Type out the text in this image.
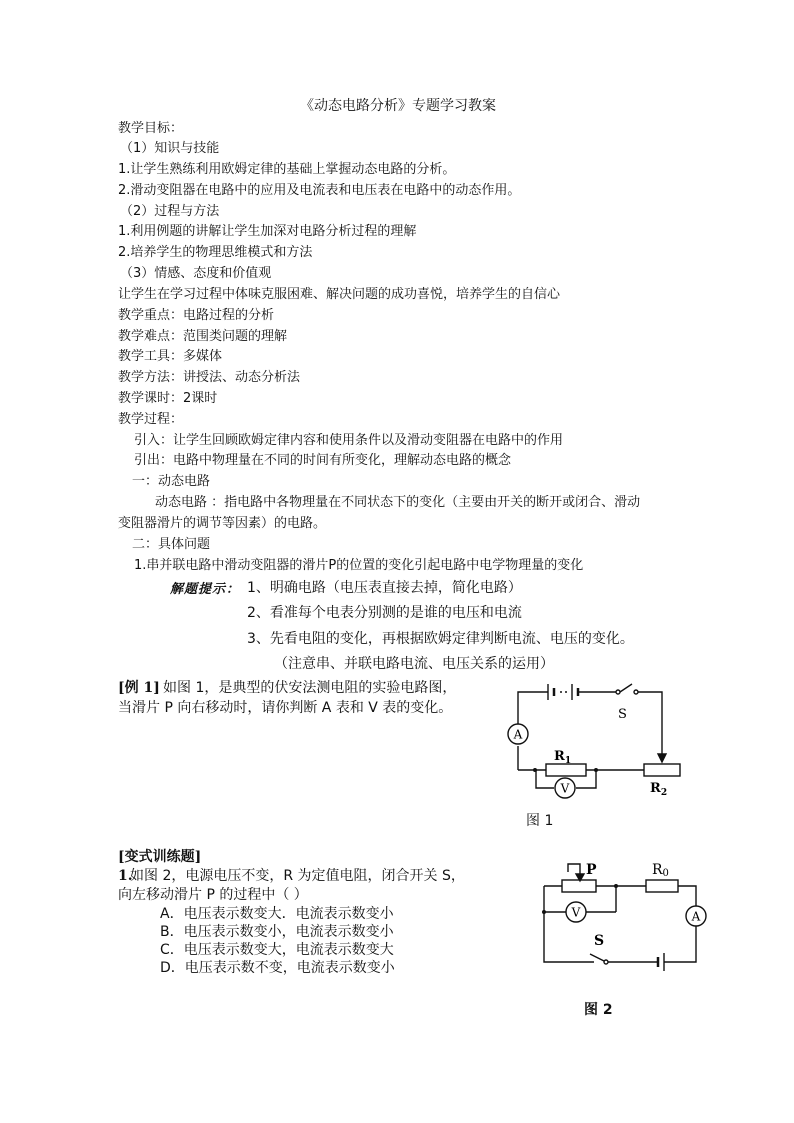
《动态电路分析》专题学习教案
教学目标：
（1）知识与技能
1.让学生熟练利用欧姆定律的基础上掌握动态电路的分析。
2.滑动变阻器在电路中的应用及电流表和电压表在电路中的动态作用。
（2）过程与方法
1.利用例题的讲解让学生加深对电路分析过程的理解
2.培养学生的物理思维模式和方法
（3）情感、态度和价值观
让学生在学习过程中体味克服困难、解决问题的成功喜悦，培养学生的自信心
教学重点：电路过程的分析
教学难点：范围类问题的理解
教学工具：多媒体
教学方法：讲授法、动态分析法
教学课时：2课时
教学过程：
引入：让学生回顾欧姆定律内容和使用条件以及滑动变阻器在电路中的作用
引出：电路中物理量在不同的时间有所变化，理解动态电路的概念
一：动态电路
动态电路 ：指电路中各物理量在不同状态下的变化（主要由开关的断开或闭合、滑动
变阻器滑片的调节等因素）的电路。
二：具体问题
1.串并联电路中滑动变阻器的滑片P的位置的变化引起电路中电学物理量的变化
解题提示： 1、明确电路（电压表直接去掉，简化电路）
2、看准每个电表分别测的是谁的电压和电流
3、先看电阻的变化，再根据欧姆定律判断电流、电压的变化。
（注意串、并联电路电流、电压关系的运用）
[例 1] 如图 1，是典型的伏安法测电阻的实验电路图，
当滑片 P 向右移动时，请你判断 A 表和 V 表的变化。
A
V
S
$R_1$
$R_2$
图 1
[变式训练题]
1.
如图 2，电源电压不变，R 为定值电阻，闭合开关 S，
向左移动滑片 P 的过程中（ ）
A．电压表示数变大．电流表示数变小
B．电压表示数变小，电流表示数变小
C．电压表示数变大，电流表示数变大
D．电压表示数不变，电流表示数变小
V	A
P	R0
S
图 2
